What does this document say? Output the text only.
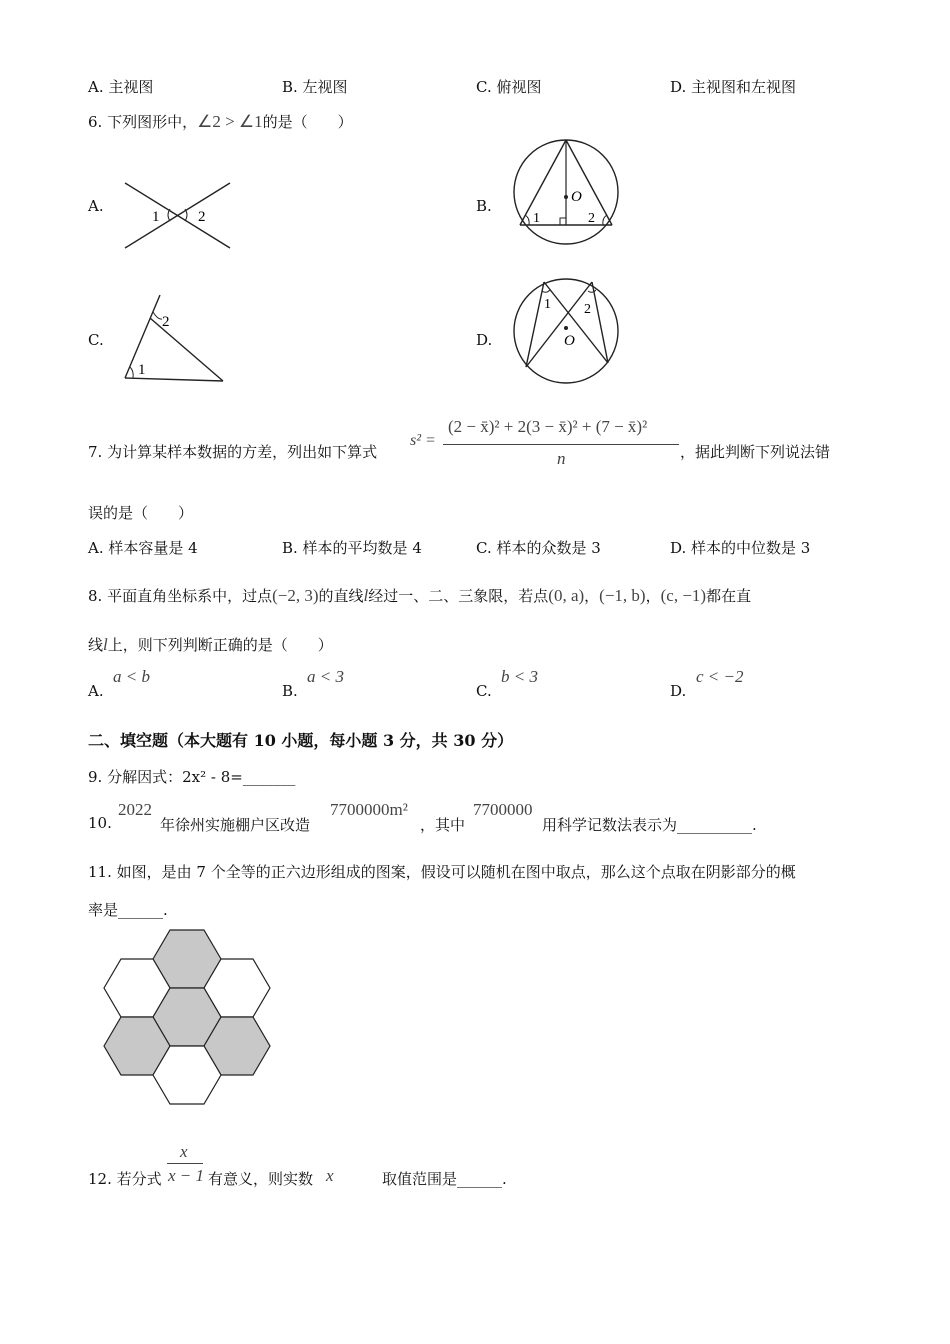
A. 主视图	B. 左视图	C. 俯视图	D. 主视图和左视图
6. 下列图形中，∠2 > ∠1的是（　　）
A.
1	2
B.	O
1	2
C.
1
2
D.	O
1 2
7. 为计算某样本数据的方差，列出如下算式
s² =
(2 − x̄)² + 2(3 − x̄)² + (7 − x̄)²
n	，据此判断下列说法错
误的是（　　）
A. 样本容量是 4	B. 样本的平均数是 4	C. 样本的众数是 3	D. 样本的中位数是 3
8. 平面直角坐标系中，过点(−2, 3)的直线l经过一、二、三象限，若点(0, a)，(−1, b)，(c, −1)都在直
线l上，则下列判断正确的是（　　）
A.
a < b
B.
a < 3
C.
b < 3
D.
c < −2
二、填空题（本大题有 10 小题，每小题 3 分，共 30 分）
9. 分解因式：2x² - 8=_______
10.
2022
年徐州实施棚户区改造
7700000m²
，其中
7700000
用科学记数法表示为__________.
11. 如图，是由 7 个全等的正六边形组成的图案，假设可以随机在图中取点，那么这个点取在阴影部分的概
率是______.
12. 若分式
x
x − 1 有意义，则实数 x	取值范围是______.
